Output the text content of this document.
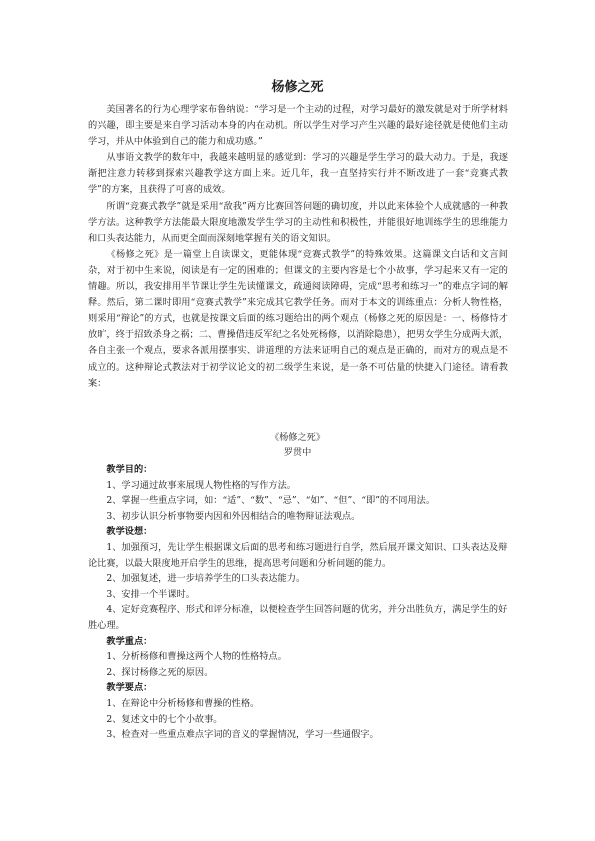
杨修之死

美国著名的行为心理学家布鲁纳说：“学习是一个主动的过程，对学习最好的激发就是对于所学材料的兴趣，即主要是来自学习活动本身的内在动机。所以学生对学习产生兴趣的最好途径就是使他们主动学习，并从中体验到自己的能力和成功感。”

从事语文教学的数年中，我越来越明显的感觉到：学习的兴趣是学生学习的最大动力。于是，我逐渐把注意力转移到探索兴趣教学这方面上来。近几年，我一直坚持实行并不断改进了一套“竞赛式教学”的方案，且获得了可喜的成效。

所谓“竞赛式教学”就是采用“敌我”两方比赛回答问题的确切度，并以此来体验个人成就感的一种教学方法。这种教学方法能最大限度地激发学生学习的主动性和积极性，并能很好地训练学生的思维能力和口头表达能力，从而更全面而深刻地掌握有关的语文知识。

《杨修之死》是一篇堂上自读课文，更能体现“竞赛式教学”的特殊效果。这篇课文白话和文言间杂，对于初中生来说，阅读是有一定的困难的；但课文的主要内容是七个小故事，学习起来又有一定的情趣。所以，我安排用半节课让学生先读懂课文，疏通阅读障碍，完成“思考和练习一”的难点字词的解释。然后，第二课时即用“竞赛式教学”来完成其它教学任务。而对于本文的训练重点：分析人物性格，则采用“辩论”的方式，也就是按课文后面的练习题给出的两个观点（杨修之死的原因是：一、杨修恃才放旷，终于招致杀身之祸；二、曹操借违反军纪之名处死杨修，以消除隐患），把男女学生分成两大派，各自主张一个观点，要求各派用摆事实、讲道理的方法来证明自己的观点是正确的，而对方的观点是不成立的。这种辩论式教法对于初学议论文的初二级学生来说，是一条不可估量的快捷入门途径。请看教案：

《杨修之死》
罗贯中
教学目的：
1、学习通过故事来展现人物性格的写作方法。
2、掌握一些重点字词，如：“适”、“数”、“忌”、“如”、“但”、“即”的不同用法。
3、初步认识分析事物要内因和外因相结合的唯物辩证法观点。
教学设想：
1、加强预习，先让学生根据课文后面的思考和练习题进行自学，然后展开课文知识、口头表达及辩论比赛，以最大限度地开启学生的思维，提高思考问题和分析问题的能力。
2、加强复述，进一步培养学生的口头表达能力。
3、安排一个半课时。
4、定好竞赛程序、形式和评分标准，以便检查学生回答问题的优劣，并分出胜负方，满足学生的好胜心理。
教学重点：
1、分析杨修和曹操这两个人物的性格特点。
2、探讨杨修之死的原因。
教学要点：
1、在辩论中分析杨修和曹操的性格。
2、复述文中的七个小故事。
3、检查对一些重点难点字词的音义的掌握情况，学习一些通假字。
